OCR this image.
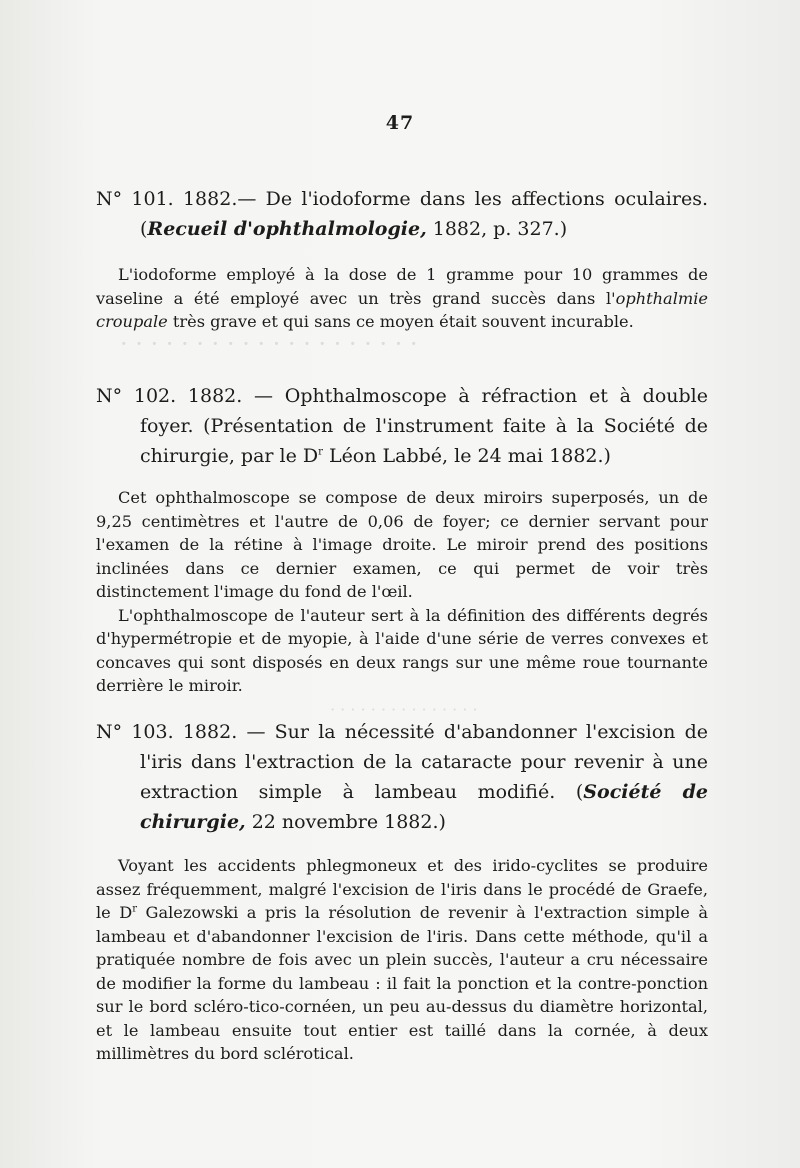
· · · · · · · · · · · · · · · · · · · ·
· · · · · · · · · · · · · · ·
47
N° 101. 1882.— De l'iodoforme dans les affections oculaires. (Recueil d'ophthalmologie, 1882, p. 327.)

L'iodoforme employé à la dose de 1 gramme pour 10 grammes de vaseline a été employé avec un très grand succès dans l'ophthalmie croupale très grave et qui sans ce moyen était souvent incurable.

N° 102. 1882. — Ophthalmoscope à réfraction et à double foyer. (Présentation de l'instrument faite à la Société de chirurgie, par le $D^r$ Léon Labbé, le 24 mai 1882.)

Cet ophthalmoscope se compose de deux miroirs superposés, un de 9,25 centimètres et l'autre de 0,06 de foyer; ce dernier servant pour l'examen de la rétine à l'image droite. Le miroir prend des positions inclinées dans ce dernier examen, ce qui permet de voir très distinctement l'image du fond de l'œil.

L'ophthalmoscope de l'auteur sert à la définition des différents degrés d'hypermétropie et de myopie, à l'aide d'une série de verres convexes et concaves qui sont disposés en deux rangs sur une même roue tournante derrière le miroir.

N° 103. 1882. — Sur la nécessité d'abandonner l'excision de l'iris dans l'extraction de la cataracte pour revenir à une extraction simple à lambeau modifié. (Société de chirurgie, 22 novembre 1882.)

Voyant les accidents phlegmoneux et des irido-cyclites se produire assez fréquemment, malgré l'excision de l'iris dans le procédé de Graefe, le $D^r$ Galezowski a pris la résolution de revenir à l'extraction simple à lambeau et d'abandonner l'excision de l'iris. Dans cette méthode, qu'il a pratiquée nombre de fois avec un plein succès, l'auteur a cru nécessaire de modifier la forme du lambeau : il fait la ponction et la contre-ponction sur le bord scléro-tico-cornéen, un peu au-dessus du diamètre horizontal, et le lambeau ensuite tout entier est taillé dans la cornée, à deux millimètres du bord sclérotical.
